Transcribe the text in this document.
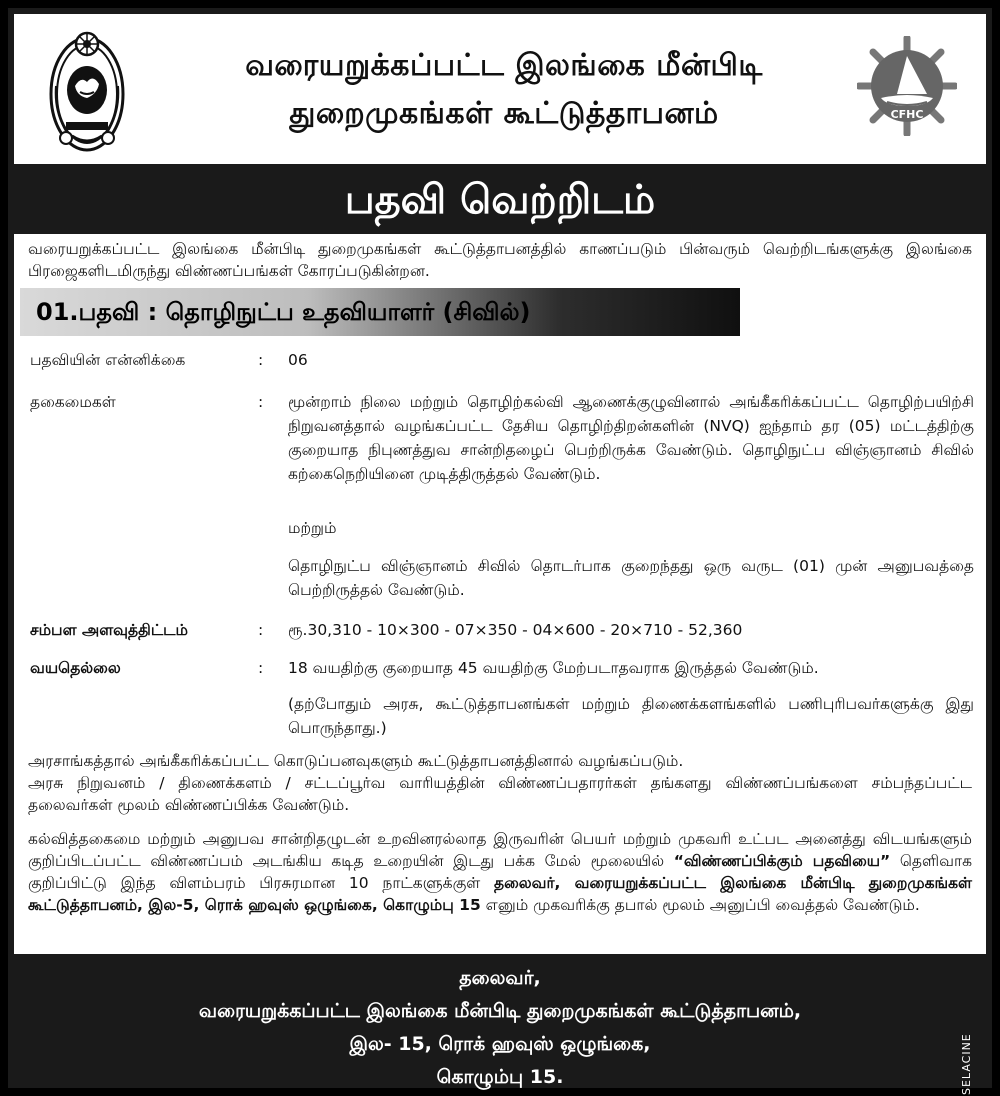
வரையறுக்கப்பட்ட இலங்கை மீன்பிடி
துறைமுகங்கள் கூட்டுத்தாபனம்	CFHC
பதவி வெற்றிடம்
வரையறுக்கப்பட்ட இலங்கை மீன்பிடி துறைமுகங்கள் கூட்டுத்தாபனத்தில் காணப்படும் பின்வரும் வெற்றிடங்களுக்கு இலங்கை பிரஜைகளிடமிருந்து விண்ணப்பங்கள் கோரப்படுகின்றன.
01.பதவி : தொழிநுட்ப உதவியாளர் (சிவில்)
பதவியின் என்னிக்கை	:	06
தகைமைகள்	:	மூன்றாம் நிலை மற்றும் தொழிற்கல்வி ஆணைக்குழுவினால் அங்கீகரிக்கப்பட்ட தொழிற்பயிற்சி நிறுவனத்தால் வழங்கப்பட்ட தேசிய தொழிற்திறன்களின் (NVQ) ஐந்தாம் தர (05) மட்டத்திற்கு குறையாத நிபுணத்துவ சான்றிதழைப் பெற்றிருக்க வேண்டும். தொழிநுட்ப விஞ்ஞானம் சிவில் கற்கைநெறியினை முடித்திருத்தல் வேண்டும்.
மற்றும்
தொழிநுட்ப விஞ்ஞானம் சிவில் தொடர்பாக குறைந்தது ஒரு வருட (01) முன் அனுபவத்தை பெற்றிருத்தல் வேண்டும்.
சம்பள அளவுத்திட்டம்	:	ரூ.30,310 - 10×300 - 07×350 - 04×600 - 20×710 - 52,360
வயதெல்லை	:	18 வயதிற்கு குறையாத 45 வயதிற்கு மேற்படாதவராக இருத்தல் வேண்டும்.
(தற்போதும் அரசு, கூட்டுத்தாபனங்கள் மற்றும் திணைக்களங்களில் பணிபுரிபவர்களுக்கு இது பொருந்தாது.)
அரசாங்கத்தால் அங்கீகரிக்கப்பட்ட கொடுப்பனவுகளும் கூட்டுத்தாபனத்தினால் வழங்கப்படும்.
அரசு நிறுவனம் / திணைக்களம் / சட்டப்பூர்வ வாரியத்தின் விண்ணப்பதாரர்கள் தங்களது விண்ணப்பங்களை சம்பந்தப்பட்ட தலைவர்கள் மூலம் விண்ணப்பிக்க வேண்டும்.
கல்வித்தகைமை மற்றும் அனுபவ சான்றிதழுடன் உறவினரல்லாத இருவரின் பெயர் மற்றும் முகவரி உட்பட அனைத்து விடயங்களும் குறிப்பிடப்பட்ட விண்ணப்பம் அடங்கிய கடித உறையின் இடது பக்க மேல் மூலையில் “விண்ணப்பிக்கும் பதவியை” தெளிவாக குறிப்பிட்டு இந்த விளம்பரம் பிரசுரமான 10 நாட்களுக்குள் தலைவர், வரையறுக்கப்பட்ட இலங்கை மீன்பிடி துறைமுகங்கள் கூட்டுத்தாபனம், இல-5, ரொக் ஹவுஸ் ஒழுங்கை, கொழும்பு 15 எனும் முகவரிக்கு தபால் மூலம் அனுப்பி வைத்தல் வேண்டும்.
தலைவர்,
வரையறுக்கப்பட்ட இலங்கை மீன்பிடி துறைமுகங்கள் கூட்டுத்தாபனம்,
இல- 15, ரொக் ஹவுஸ் ஒழுங்கை,
கொழும்பு 15.	SELACINE
